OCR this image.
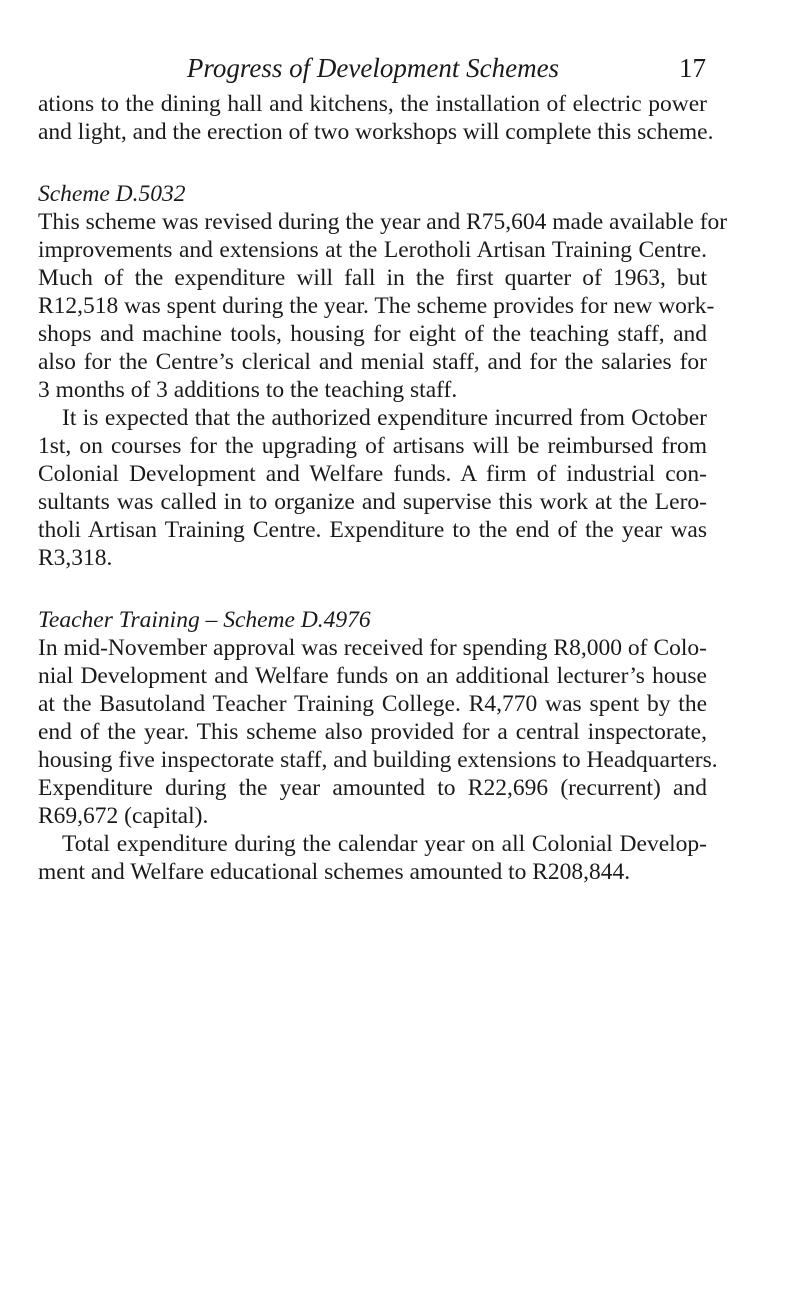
Progress of Development Schemes	17
ations to the dining hall and kitchens, the installation of electric power
and light, and the erection of two workshops will complete this scheme.
Scheme D.5032
This scheme was revised during the year and R75,604 made available for
improvements and extensions at the Lerotholi Artisan Training Centre.
Much of the expenditure will fall in the first quarter of 1963, but
R12,518 was spent during the year. The scheme provides for new work-
shops and machine tools, housing for eight of the teaching staff, and
also for the Centre’s clerical and menial staff, and for the salaries for
3 months of 3 additions to the teaching staff.
It is expected that the authorized expenditure incurred from October
1st, on courses for the upgrading of artisans will be reimbursed from
Colonial Development and Welfare funds. A firm of industrial con-
sultants was called in to organize and supervise this work at the Lero-
tholi Artisan Training Centre. Expenditure to the end of the year was
R3,318.
Teacher Training – Scheme D.4976
In mid-November approval was received for spending R8,000 of Colo-
nial Development and Welfare funds on an additional lecturer’s house
at the Basutoland Teacher Training College. R4,770 was spent by the
end of the year. This scheme also provided for a central inspectorate,
housing five inspectorate staff, and building extensions to Headquarters.
Expenditure during the year amounted to R22,696 (recurrent) and
R69,672 (capital).
Total expenditure during the calendar year on all Colonial Develop-
ment and Welfare educational schemes amounted to R208,844.
